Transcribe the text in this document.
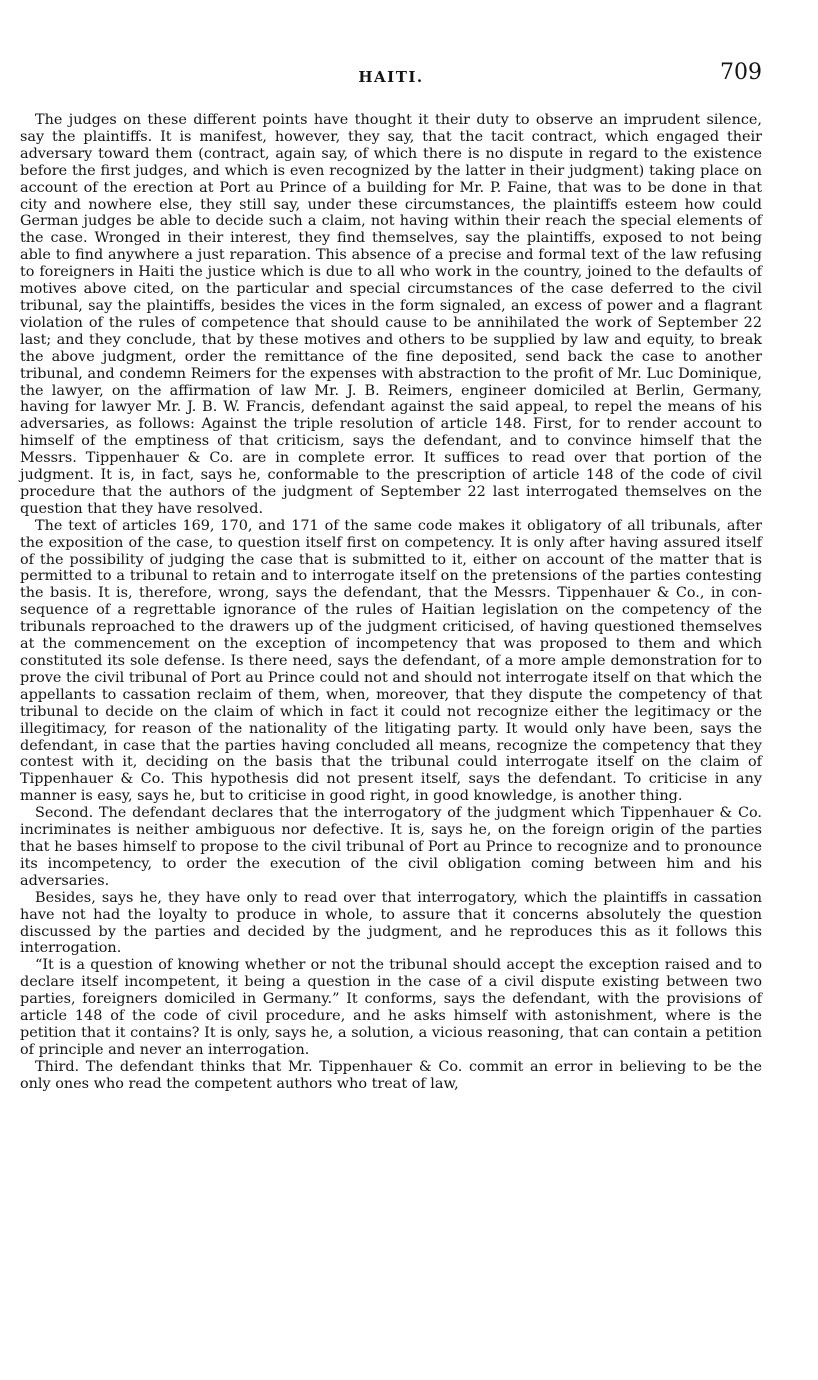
HAITI.	709

The judges on these different points have thought it their duty to observe an imprudent silence, say the plaintiffs. It is manifest, however, they say, that the tacit contract, which engaged their adversary toward them (contract, again say, of which there is no dispute in regard to the existence before the first judges, and which is even recognized by the latter in their judgment) taking place on account of the erection at Port au Prince of a building for Mr. P. Faine, that was to be done in that city and nowhere else, they still say, under these circumstances, the plaintiffs esteem how could German judges be able to decide such a claim, not having within their reach the special elements of the case. Wronged in their interest, they find themselves, say the plaintiffs, exposed to not being able to find anywhere a just reparation. This absence of a precise and formal text of the law refusing to foreigners in Haiti the justice which is due to all who work in the country, joined to the defaults of motives above cited, on the particular and special circumstances of the case deferred to the civil tribunal, say the plaintiffs, besides the vices in the form signaled, an excess of power and a flagrant violation of the rules of competence that should cause to be annihilated the work of September 22 last; and they conclude, that by these motives and others to be supplied by law and equity, to break the above judgment, order the remittance of the fine deposited, send back the case to another tribunal, and condemn Reimers for the expenses with abstraction to the profit of Mr. Luc Dominique, the lawyer, on the affirmation of law Mr. J. B. Reimers, engineer domiciled at Berlin, Germany, having for lawyer Mr. J. B. W. Francis, defendant against the said appeal, to repel the means of his adversaries, as follows: Against the triple resolution of article 148. First, for to render account to himself of the emptiness of that criticism, says the defendant, and to convince himself that the Messrs. Tippenhauer & Co. are in complete error. It suffices to read over that portion of the judgment. It is, in fact, says he, conformable to the prescription of article 148 of the code of civil procedure that the authors of the judgment of September 22 last interrogated themselves on the question that they have resolved.

The text of articles 169, 170, and 171 of the same code makes it obligatory of all tribunals, after the exposition of the case, to question itself first on competency. It is only after having assured itself of the possibility of judging the case that is submitted to it, either on account of the matter that is permitted to a tribunal to retain and to interrogate itself on the pretensions of the parties contesting the basis. It is, therefore, wrong, says the defendant, that the Messrs. Tippenhauer & Co., in consequence of a regrettable ignorance of the rules of Haitian legislation on the competency of the tribunals reproached to the drawers up of the judgment criticised, of having questioned themselves at the commencement on the exception of incompetency that was proposed to them and which constituted its sole defense. Is there need, says the defendant, of a more ample demonstration for to prove the civil tribunal of Port au Prince could not and should not interrogate itself on that which the appellants to cassation reclaim of them, when, moreover, that they dispute the competency of that tribunal to decide on the claim of which in fact it could not recognize either the legitimacy or the illegitimacy, for reason of the nationality of the litigating party. It would only have been, says the defendant, in case that the parties having concluded all means, recognize the competency that they contest with it, deciding on the basis that the tribunal could interrogate itself on the claim of Tippenhauer & Co. This hypothesis did not present itself, says the defendant. To criticise in any manner is easy, says he, but to criticise in good right, in good knowledge, is another thing.

Second. The defendant declares that the interrogatory of the judgment which Tippenhauer & Co. incriminates is neither ambiguous nor defective. It is, says he, on the foreign origin of the parties that he bases himself to propose to the civil tribunal of Port au Prince to recognize and to pronounce its incompetency, to order the execution of the civil obligation coming between him and his adversaries.

Besides, says he, they have only to read over that interrogatory, which the plaintiffs in cassation have not had the loyalty to produce in whole, to assure that it concerns absolutely the question discussed by the parties and decided by the judgment, and he reproduces this as it follows this interrogation.

“It is a question of knowing whether or not the tribunal should accept the exception raised and to declare itself incompetent, it being a question in the case of a civil dispute existing between two parties, foreigners domiciled in Germany.” It conforms, says the defendant, with the provisions of article 148 of the code of civil procedure, and he asks himself with astonishment, where is the petition that it contains? It is only, says he, a solution, a vicious reasoning, that can contain a petition of principle and never an interrogation.

Third. The defendant thinks that Mr. Tippenhauer & Co. commit an error in believing to be the only ones who read the competent authors who treat of law,
